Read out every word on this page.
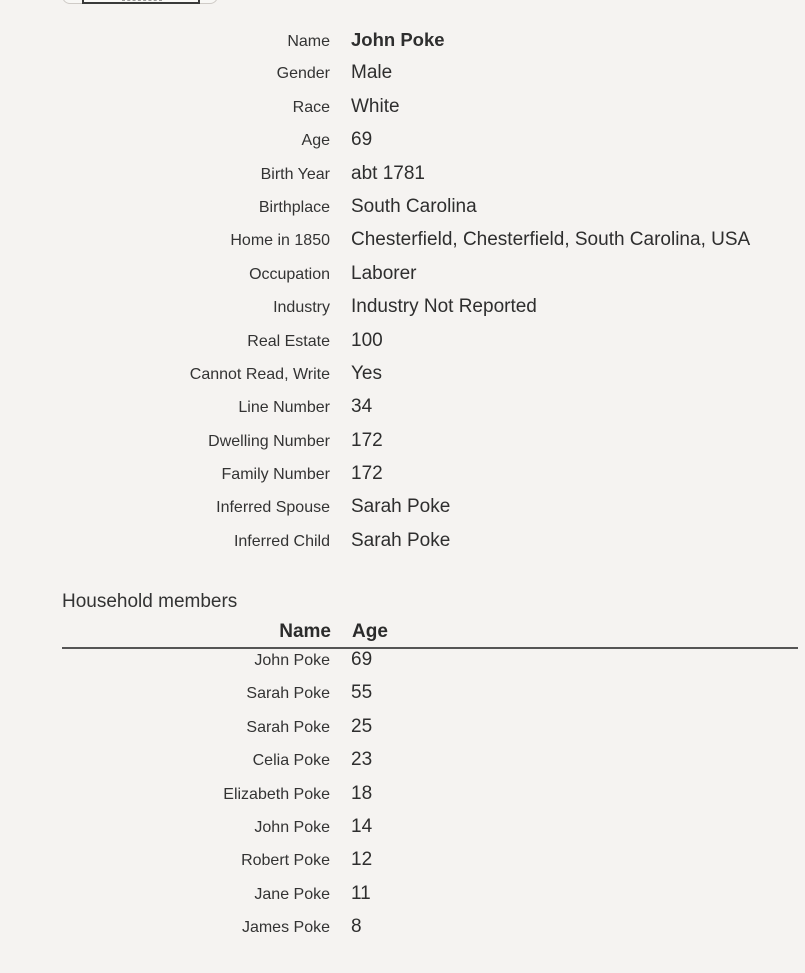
Name	John Poke
Gender	Male
Race	White
Age	69
Birth Year	abt 1781
Birthplace	South Carolina
Home in 1850	Chesterfield, Chesterfield, South Carolina, USA
Occupation	Laborer
Industry	Industry Not Reported
Real Estate	100
Cannot Read, Write	Yes
Line Number	34
Dwelling Number	172
Family Number	172
Inferred Spouse	Sarah Poke
Inferred Child	Sarah Poke
Household members
Name Age
John Poke	69
Sarah Poke	55
Sarah Poke	25
Celia Poke	23
Elizabeth Poke	18
John Poke	14
Robert Poke	12
Jane Poke	11
James Poke	8
